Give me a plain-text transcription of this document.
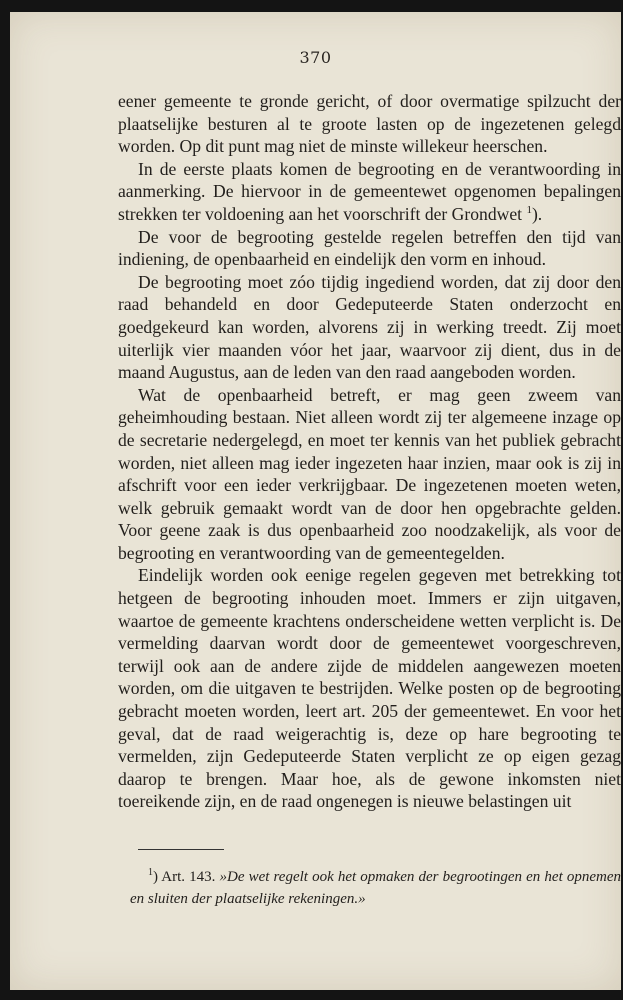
370

eener gemeente te gronde gericht, of door overmatige spilzucht der plaatselijke besturen al te groote lasten op de ingezetenen gelegd worden. Op dit punt mag niet de minste willekeur heerschen.

In de eerste plaats komen de begrooting en de verantwoording in aanmerking. De hiervoor in de gemeentewet opgenomen bepalingen strekken ter voldoening aan het voorschrift der Grondwet $^1$).

De voor de begrooting gestelde regelen betreffen den tijd van indiening, de openbaarheid en eindelijk den vorm en inhoud.

De begrooting moet zóo tijdig ingediend worden, dat zij door den raad behandeld en door Gedeputeerde Staten onderzocht en goedgekeurd kan worden, alvorens zij in werking treedt. Zij moet uiterlijk vier maanden vóor het jaar, waarvoor zij dient, dus in de maand Augustus, aan de leden van den raad aangeboden worden.

Wat de openbaarheid betreft, er mag geen zweem van geheimhouding bestaan. Niet alleen wordt zij ter algemeene inzage op de secretarie nedergelegd, en moet ter kennis van het publiek gebracht worden, niet alleen mag ieder ingezeten haar inzien, maar ook is zij in afschrift voor een ieder verkrijgbaar. De ingezetenen moeten weten, welk gebruik gemaakt wordt van de door hen opgebrachte gelden. Voor geene zaak is dus openbaarheid zoo noodzakelijk, als voor de begrooting en verantwoording van de gemeentegelden.

Eindelijk worden ook eenige regelen gegeven met betrekking tot hetgeen de begrooting inhouden moet. Immers er zijn uitgaven, waartoe de gemeente krachtens onderscheidene wetten verplicht is. De vermelding daarvan wordt door de gemeentewet voorgeschreven, terwijl ook aan de andere zijde de middelen aangewezen moeten worden, om die uitgaven te bestrijden. Welke posten op de begrooting gebracht moeten worden, leert art. 205 der gemeentewet. En voor het geval, dat de raad weigerachtig is, deze op hare begrooting te vermelden, zijn Gedeputeerde Staten verplicht ze op eigen gezag daarop te brengen. Maar hoe, als de gewone inkomsten niet toereikende zijn, en de raad ongenegen is nieuwe belastingen uit

$^1$) Art. 143. »De wet regelt ook het opmaken der begrootingen en het opnemen en sluiten der plaatselijke rekeningen.»
